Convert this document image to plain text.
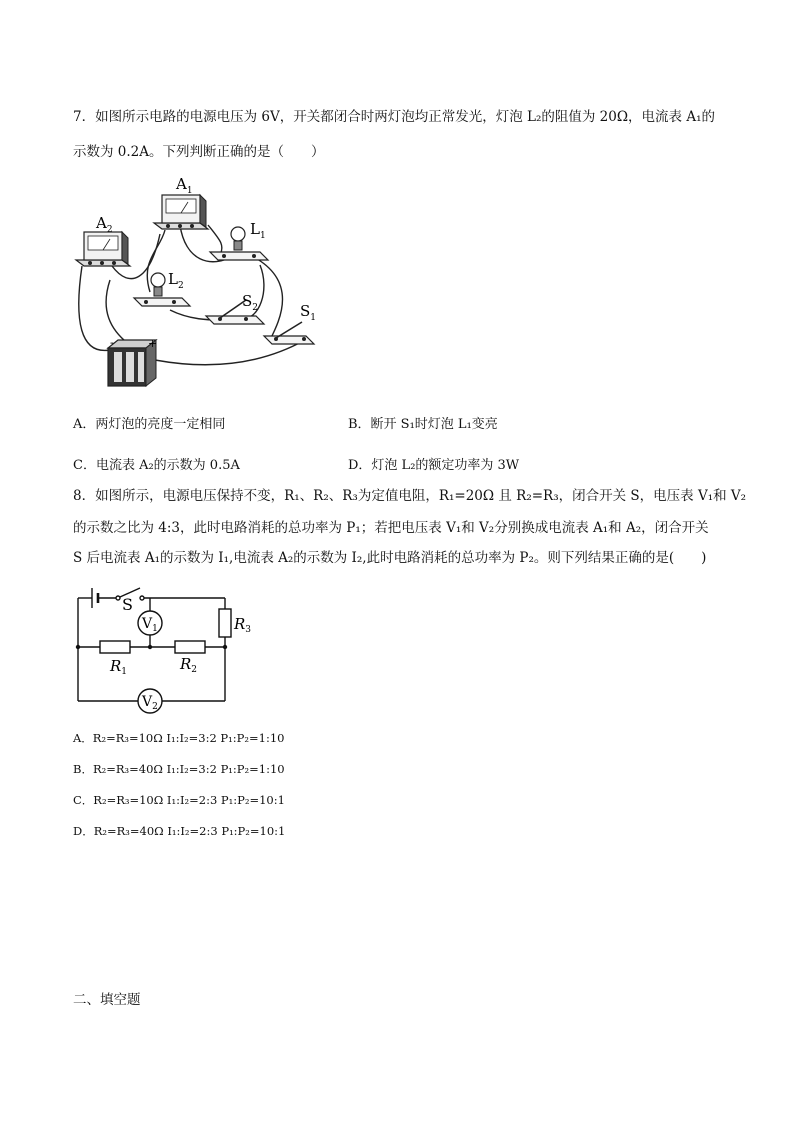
7．如图所示电路的电源电压为 6V，开关都闭合时两灯泡均正常发光，灯泡 L₂的阻值为 20Ω，电流表 A₁的
示数为 0.2A。下列判断正确的是（　　）
$A_2$
$A_1$
$L_1$
$L_2$
$S_2$	$S_1$
-	+
A．两灯泡的亮度一定相同	B．断开 S₁时灯泡 L₁变亮
C．电流表 A₂的示数为 0.5A	D．灯泡 L₂的额定功率为 3W
8．如图所示，电源电压保持不变，R₁、R₂、R₃为定值电阻，R₁=20Ω 且 R₂=R₃，闭合开关 S，电压表 V₁和 V₂
的示数之比为 4:3，此时电路消耗的总功率为 P₁；若把电压表 V₁和 V₂分别换成电流表 A₁和 A₂，闭合开关
S 后电流表 A₁的示数为 I₁,电流表 A₂的示数为 I₂,此时电路消耗的总功率为 P₂。则下列结果正确的是(　　)
S
$V_1$
$V_2$
$R_1$	$R_2$
$R_3$
A．R₂=R₃=10Ω I₁:I₂=3:2 P₁:P₂=1:10
B．R₂=R₃=40Ω I₁:I₂=3:2 P₁:P₂=1:10
C．R₂=R₃=10Ω I₁:I₂=2:3 P₁:P₂=10:1
D．R₂=R₃=40Ω I₁:I₂=2:3 P₁:P₂=10:1
二、填空题
